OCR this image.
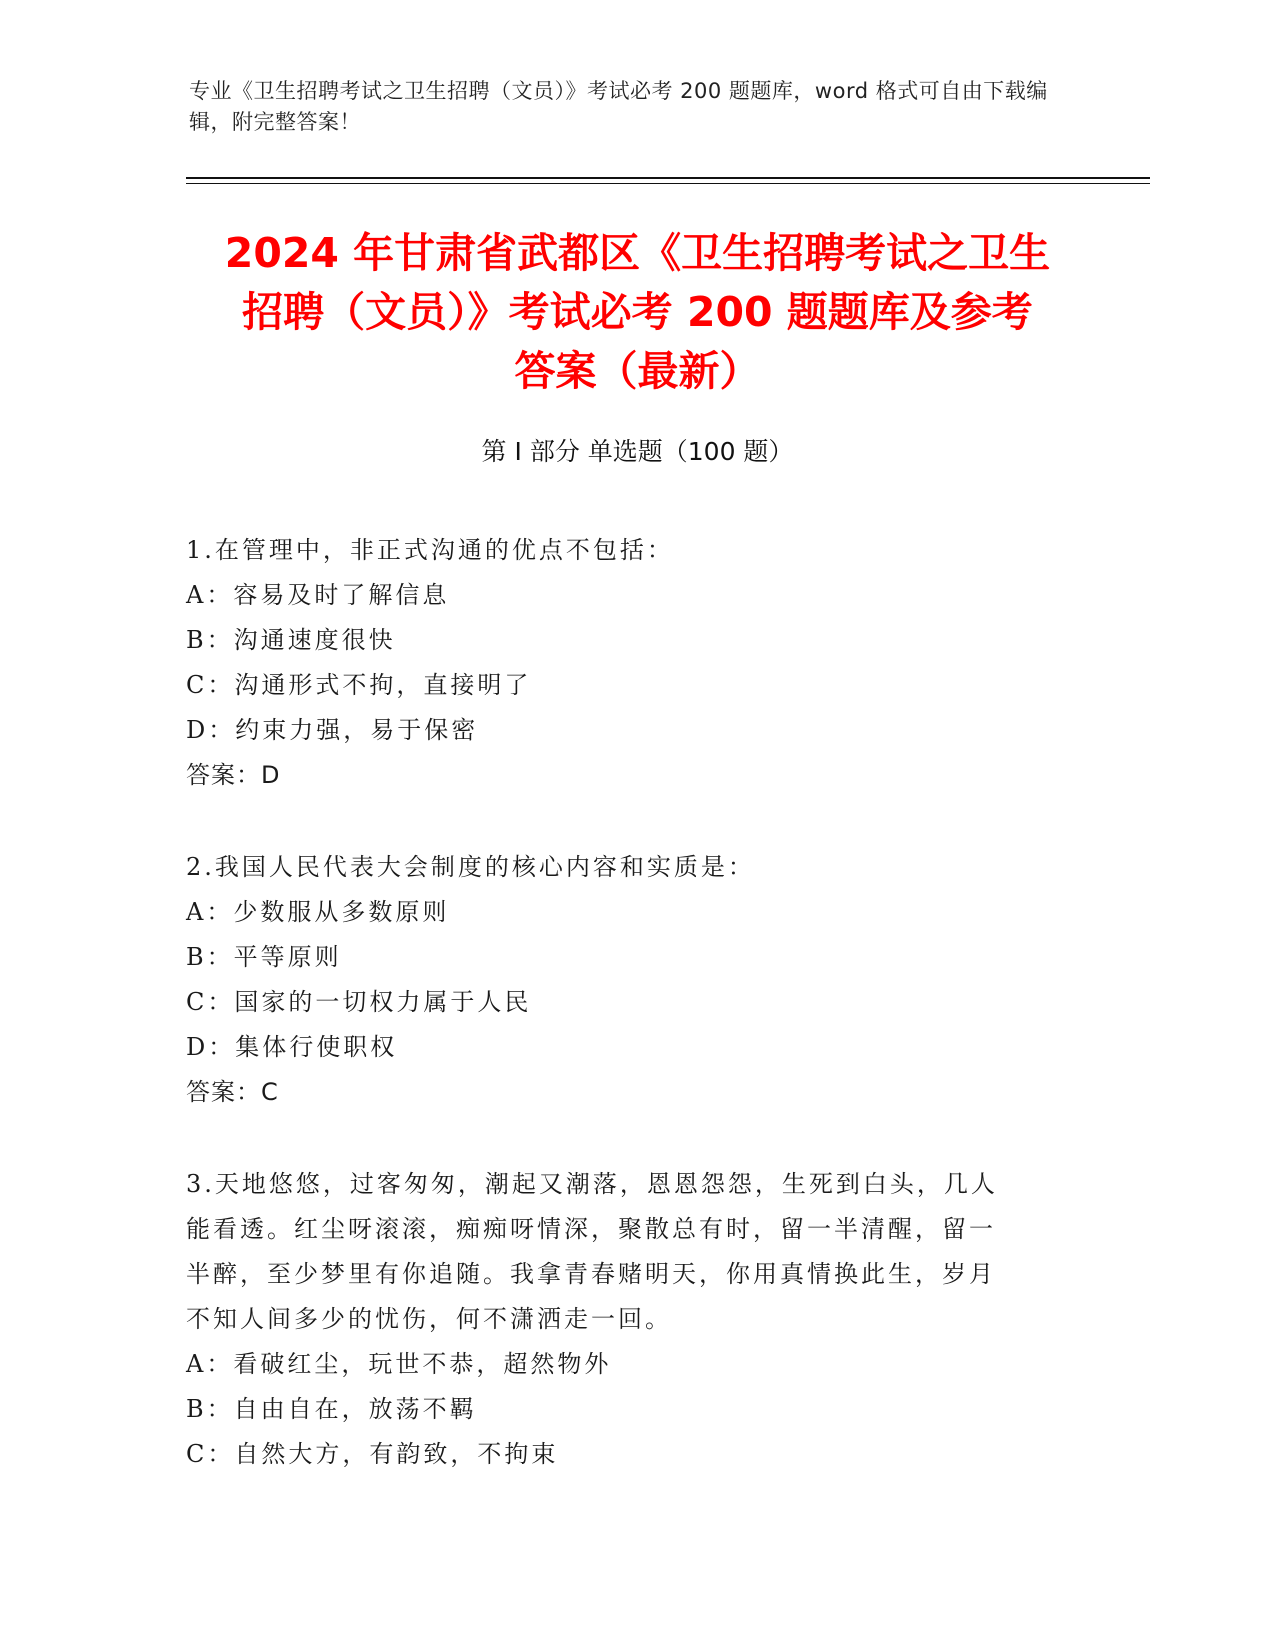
专业《卫生招聘考试之卫生招聘（文员）》考试必考 200 题题库，word 格式可自由下载编辑，附完整答案！
2024 年甘肃省武都区《卫生招聘考试之卫生
招聘（文员）》考试必考 200 题题库及参考
答案（最新）
第 I 部分 单选题（100 题）

1.在管理中，非正式沟通的优点不包括：

A：容易及时了解信息

B：沟通速度很快

C：沟通形式不拘，直接明了

D：约束力强，易于保密

答案：D

2.我国人民代表大会制度的核心内容和实质是：

A：少数服从多数原则

B：平等原则

C：国家的一切权力属于人民

D：集体行使职权

答案：C

3.天地悠悠，过客匆匆，潮起又潮落，恩恩怨怨，生死到白头，几人

能看透。红尘呀滚滚，痴痴呀情深，聚散总有时，留一半清醒，留一

半醉，至少梦里有你追随。我拿青春赌明天，你用真情换此生，岁月

不知人间多少的忧伤，何不潇洒走一回。

A：看破红尘，玩世不恭，超然物外

B：自由自在，放荡不羁

C：自然大方，有韵致，不拘束
